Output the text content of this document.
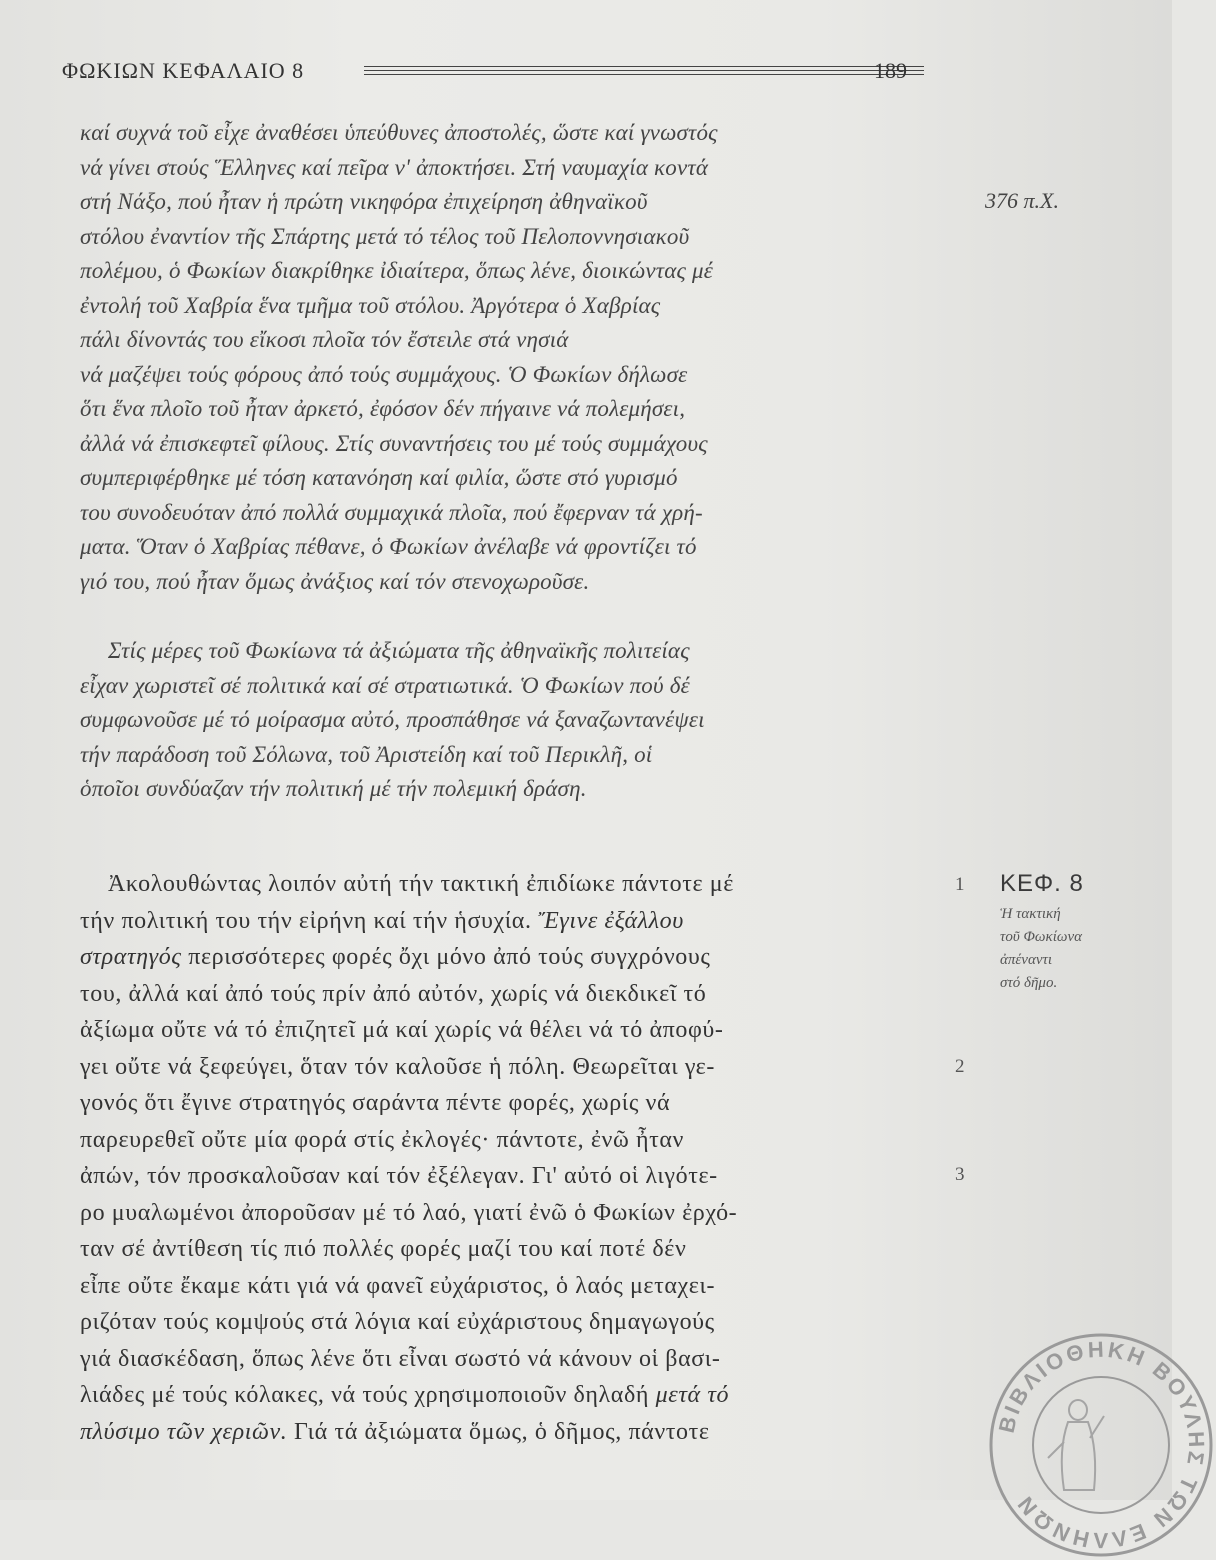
ΦΩΚΙΩΝ ΚΕΦΑΛΑΙΟ 8	189
καί συχνά τοῦ εἶχε ἀναθέσει ὑπεύθυνες ἀποστολές, ὥστε καί γνωστός
νά γίνει στούς Ἕλληνες καί πεῖρα ν' ἀποκτήσει. Στή ναυμαχία κοντά
στή Νάξο, πού ἦταν ἡ πρώτη νικηφόρα ἐπιχείρηση ἀθηναϊκοῦ
στόλου ἐναντίον τῆς Σπάρτης μετά τό τέλος τοῦ Πελοποννησιακοῦ
πολέμου, ὁ Φωκίων διακρίθηκε ἰδιαίτερα, ὅπως λένε, διοικώντας μέ
ἐντολή τοῦ Χαβρία ἕνα τμῆμα τοῦ στόλου. Ἀργότερα ὁ Χαβρίας
πάλι δίνοντάς του εἴκοσι πλοῖα τόν ἔστειλε στά νησιά
νά μαζέψει τούς φόρους ἀπό τούς συμμάχους. Ὁ Φωκίων δήλωσε
ὅτι ἕνα πλοῖο τοῦ ἦταν ἀρκετό, ἐφόσον δέν πήγαινε νά πολεμήσει,
ἀλλά νά ἐπισκεφτεῖ φίλους. Στίς συναντήσεις του μέ τούς συμμάχους
συμπεριφέρθηκε μέ τόση κατανόηση καί φιλία, ὥστε στό γυρισμό
του συνοδευόταν ἀπό πολλά συμμαχικά πλοῖα, πού ἔφερναν τά χρή-
ματα. Ὅταν ὁ Χαβρίας πέθανε, ὁ Φωκίων ἀνέλαβε νά φροντίζει τό
γιό του, πού ἦταν ὅμως ἀνάξιος καί τόν στενοχωροῦσε.
Στίς μέρες τοῦ Φωκίωνα τά ἀξιώματα τῆς ἀθηναϊκῆς πολιτείας
εἶχαν χωριστεῖ σέ πολιτικά καί σέ στρατιωτικά. Ὁ Φωκίων πού δέ
συμφωνοῦσε μέ τό μοίρασμα αὐτό, προσπάθησε νά ξαναζωντανέψει
τήν παράδοση τοῦ Σόλωνα, τοῦ Ἀριστείδη καί τοῦ Περικλῆ, οἱ
ὁποῖοι συνδύαζαν τήν πολιτική μέ τήν πολεμική δράση.
Ἀκολουθώντας λοιπόν αὐτή τήν τακτική ἐπιδίωκε πάντοτε μέ
τήν πολιτική του τήν εἰρήνη καί τήν ἡσυχία. Ἔγινε ἐξάλλου
στρατηγός περισσότερες φορές ὄχι μόνο ἀπό τούς συγχρόνους
του, ἀλλά καί ἀπό τούς πρίν ἀπό αὐτόν, χωρίς νά διεκδικεῖ τό
ἀξίωμα οὔτε νά τό ἐπιζητεῖ μά καί χωρίς νά θέλει νά τό ἀποφύ-
γει οὔτε νά ξεφεύγει, ὅταν τόν καλοῦσε ἡ πόλη. Θεωρεῖται γε-
γονός ὅτι ἔγινε στρατηγός σαράντα πέντε φορές, χωρίς νά
παρευρεθεῖ οὔτε μία φορά στίς ἐκλογές· πάντοτε, ἐνῶ ἦταν
ἀπών, τόν προσκαλοῦσαν καί τόν ἐξέλεγαν. Γι' αὐτό οἱ λιγότε-
ρο μυαλωμένοι ἀποροῦσαν μέ τό λαό, γιατί ἐνῶ ὁ Φωκίων ἐρχό-
ταν σέ ἀντίθεση τίς πιό πολλές φορές μαζί του καί ποτέ δέν
εἶπε οὔτε ἔκαμε κάτι γιά νά φανεῖ εὐχάριστος, ὁ λαός μεταχει-
ριζόταν τούς κομψούς στά λόγια καί εὐχάριστους δημαγωγούς
γιά διασκέδαση, ὅπως λένε ὅτι εἶναι σωστό νά κάνουν οἱ βασι-
λιάδες μέ τούς κόλακες, νά τούς χρησιμοποιοῦν δηλαδή μετά τό
πλύσιμο τῶν χεριῶν. Γιά τά ἀξιώματα ὅμως, ὁ δῆμος, πάντοτε
376 π.Χ.
ΚΕΦ. 8
Ἡ τακτική
τοῦ Φωκίωνα
ἀπέναντι
στό δῆμο.
1
2
3
ΒΙΒΛΙΟΘΗΚΗ ΒΟΥΛΗΣ ΤΩΝ ΕΛΛΗΝΩΝ
